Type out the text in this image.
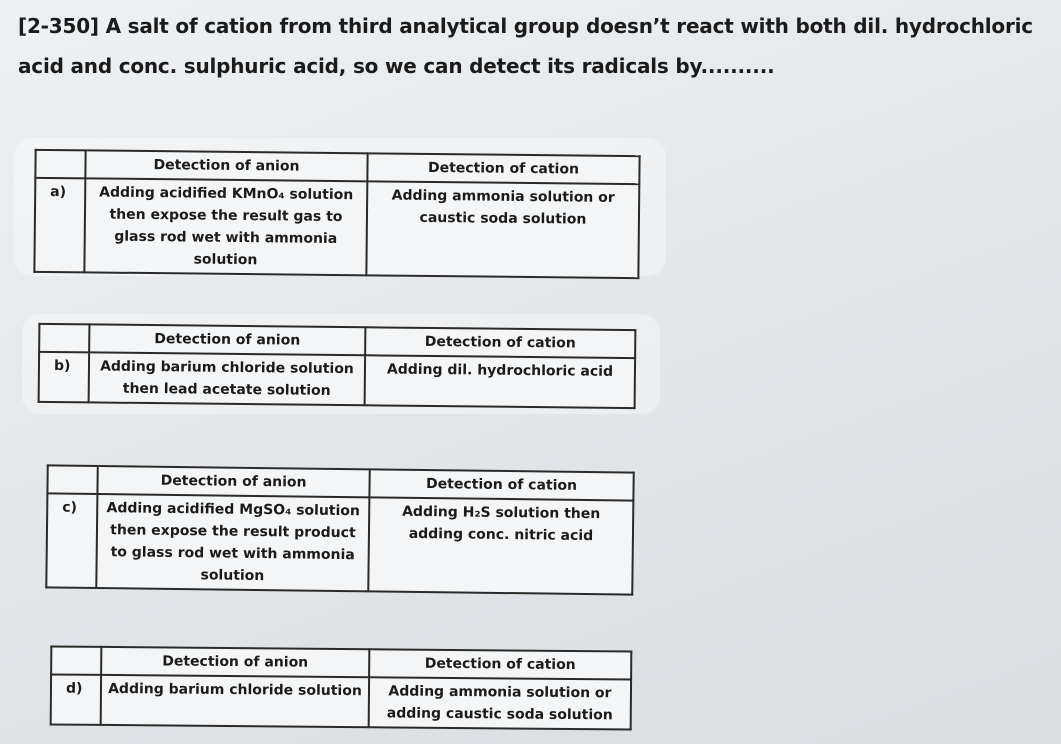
[2-350] A salt of cation from third analytical group doesn’t react with both dil. hydrochloric acid and conc. sulphuric acid, so we can detect its radicals by..........
	Detection of anion	Detection of cation
a)	Adding acidified KMnO₄ solution then expose the result gas to glass rod wet with ammonia solution	Adding ammonia solution or caustic soda solution
	Detection of anion	Detection of cation
b)	Adding barium chloride solution then lead acetate solution	Adding dil. hydrochloric acid
	Detection of anion	Detection of cation
c)	Adding acidified MgSO₄ solution then expose the result product to glass rod wet with ammonia solution	Adding H₂S solution then adding conc. nitric acid
	Detection of anion	Detection of cation
d)	Adding barium chloride solution	Adding ammonia solution or adding caustic soda solution
